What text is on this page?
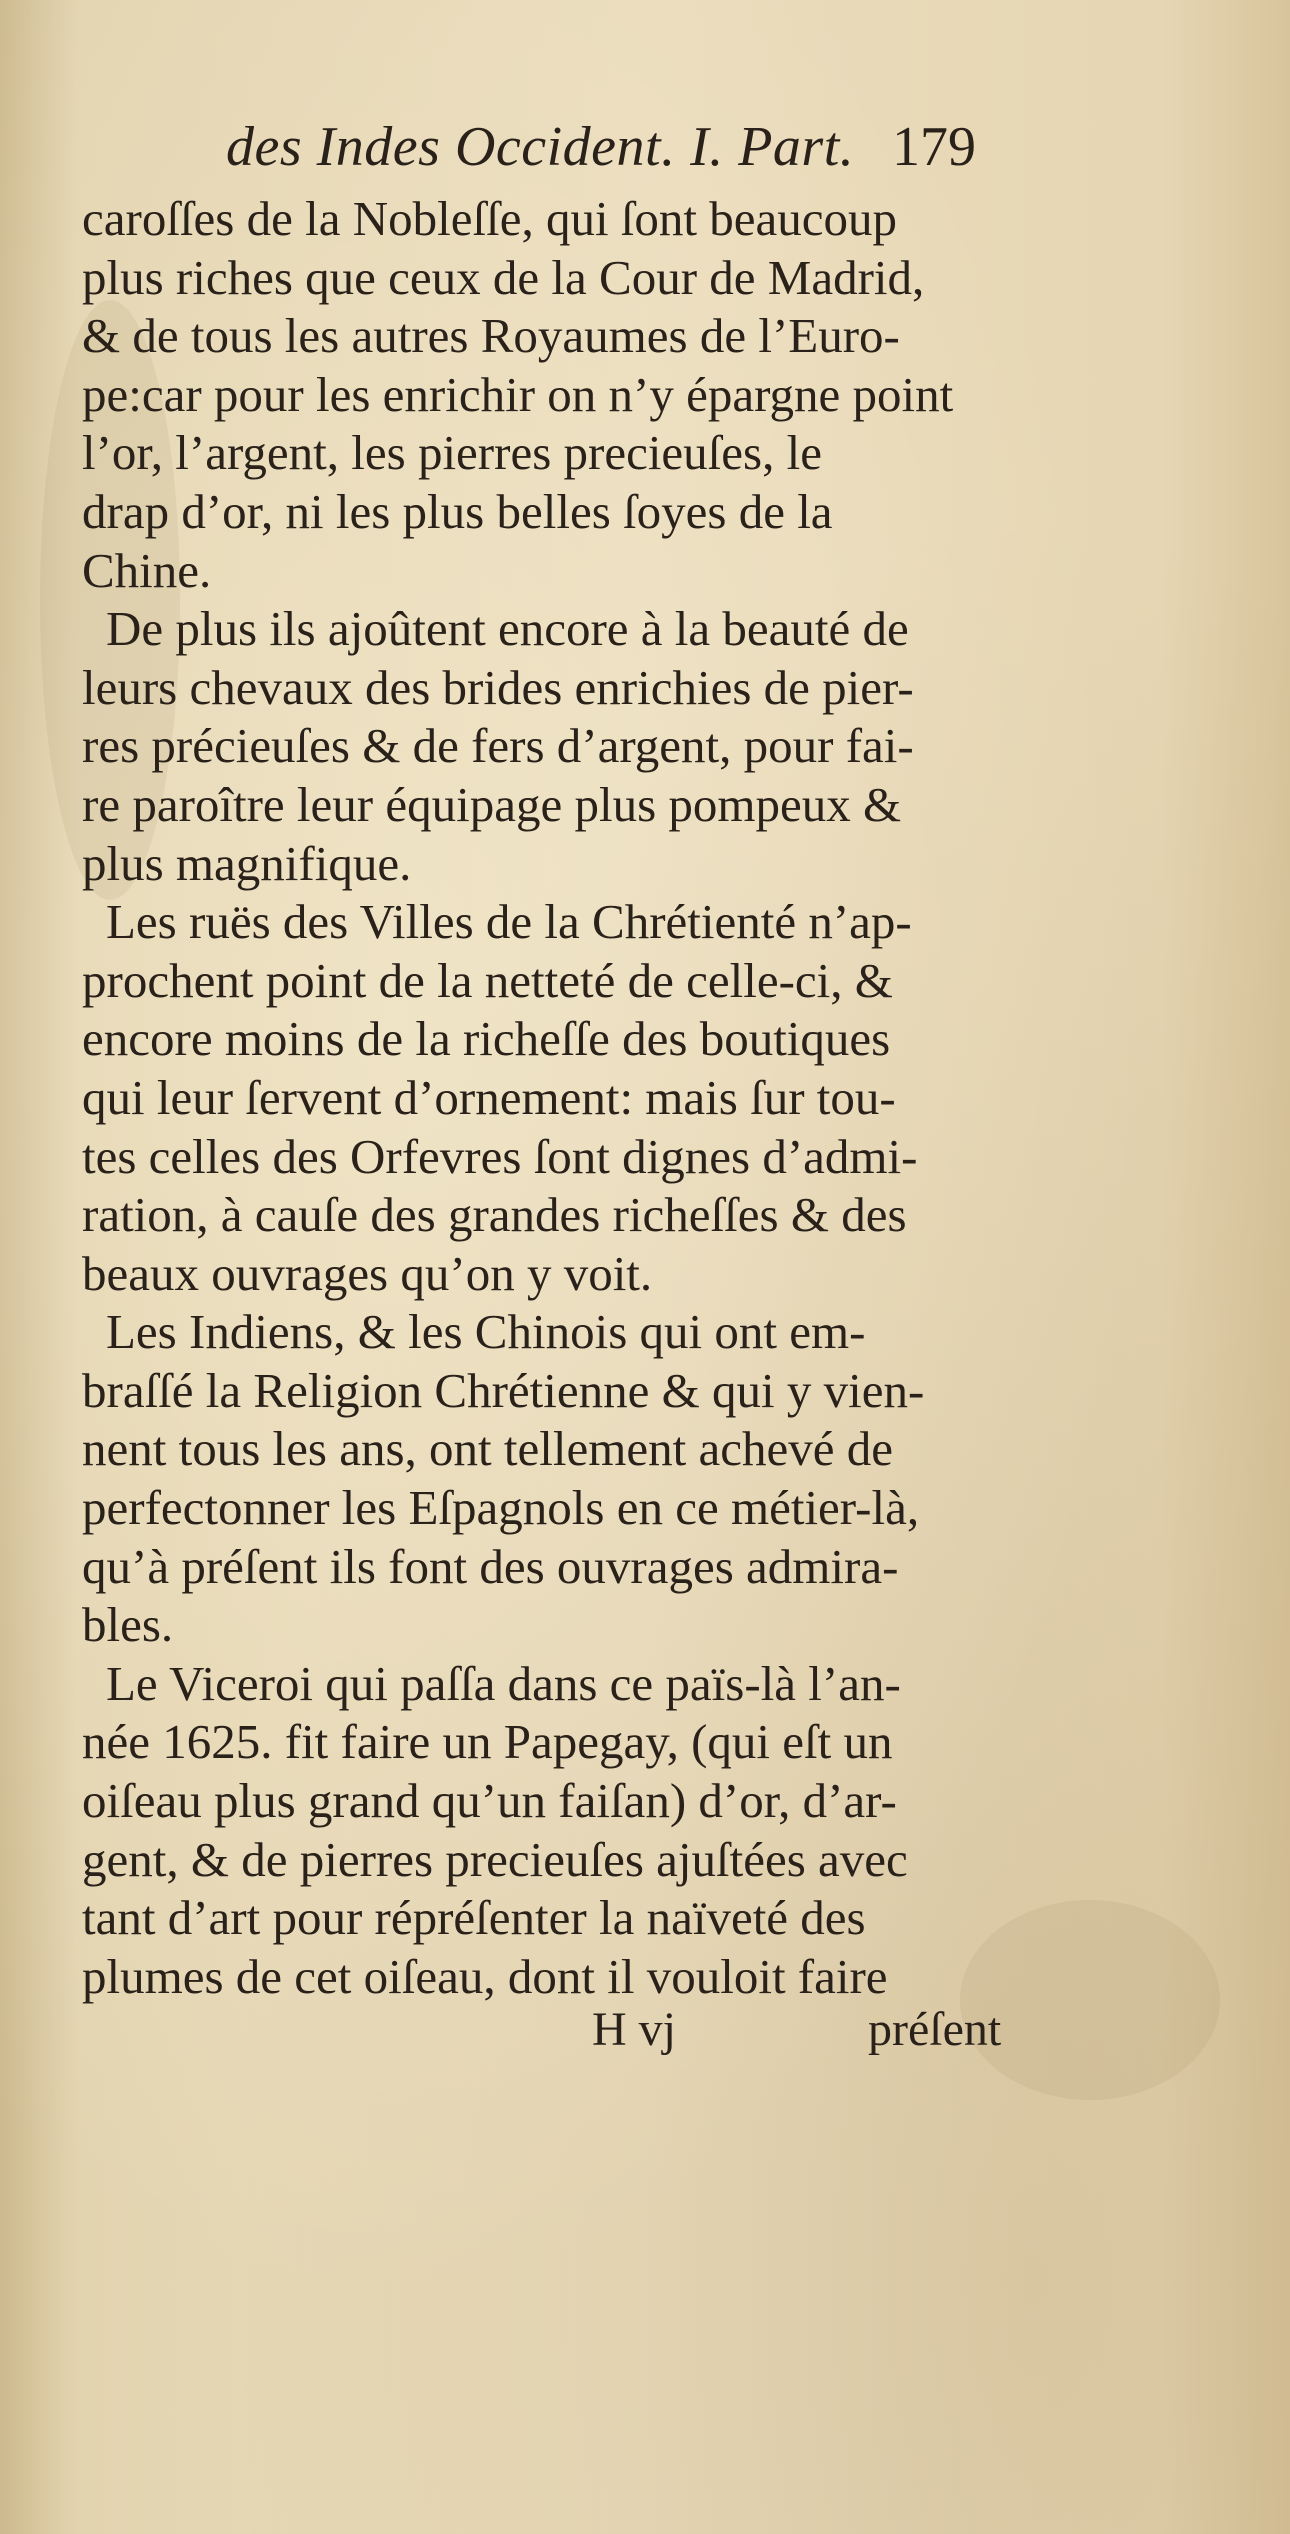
des Indes Occident. I. Part. 179
caroſſes de la Nobleſſe, qui ſont beaucoup
plus riches que ceux de la Cour de Madrid,
& de tous les autres Royaumes de l’Euro-
pe:car pour les enrichir on n’y épargne point
l’or, l’argent, les pierres precieuſes, le
drap d’or, ni les plus belles ſoyes de la
Chine.
De plus ils ajoûtent encore à la beauté de
leurs chevaux des brides enrichies de pier-
res précieuſes & de fers d’argent, pour fai-
re paroître leur équipage plus pompeux &
plus magnifique.
Les ruës des Villes de la Chrétienté n’ap-
prochent point de la netteté de celle-ci, &
encore moins de la richeſſe des boutiques
qui leur ſervent d’ornement: mais ſur tou-
tes celles des Orfevres ſont dignes d’admi-
ration, à cauſe des grandes richeſſes & des
beaux ouvrages qu’on y voit.
Les Indiens, & les Chinois qui ont em-
braſſé la Religion Chrétienne & qui y vien-
nent tous les ans, ont tellement achevé de
perfectonner les Eſpagnols en ce métier-là,
qu’à préſent ils font des ouvrages admira-
bles.
Le Viceroi qui paſſa dans ce païs-là l’an-
née 1625. fit faire un Papegay, (qui eſt un
oiſeau plus grand qu’un faiſan) d’or, d’ar-
gent, & de pierres precieuſes ajuſtées avec
tant d’art pour répréſenter la naïveté des
plumes de cet oiſeau, dont il vouloit faire
H vj	préſent
